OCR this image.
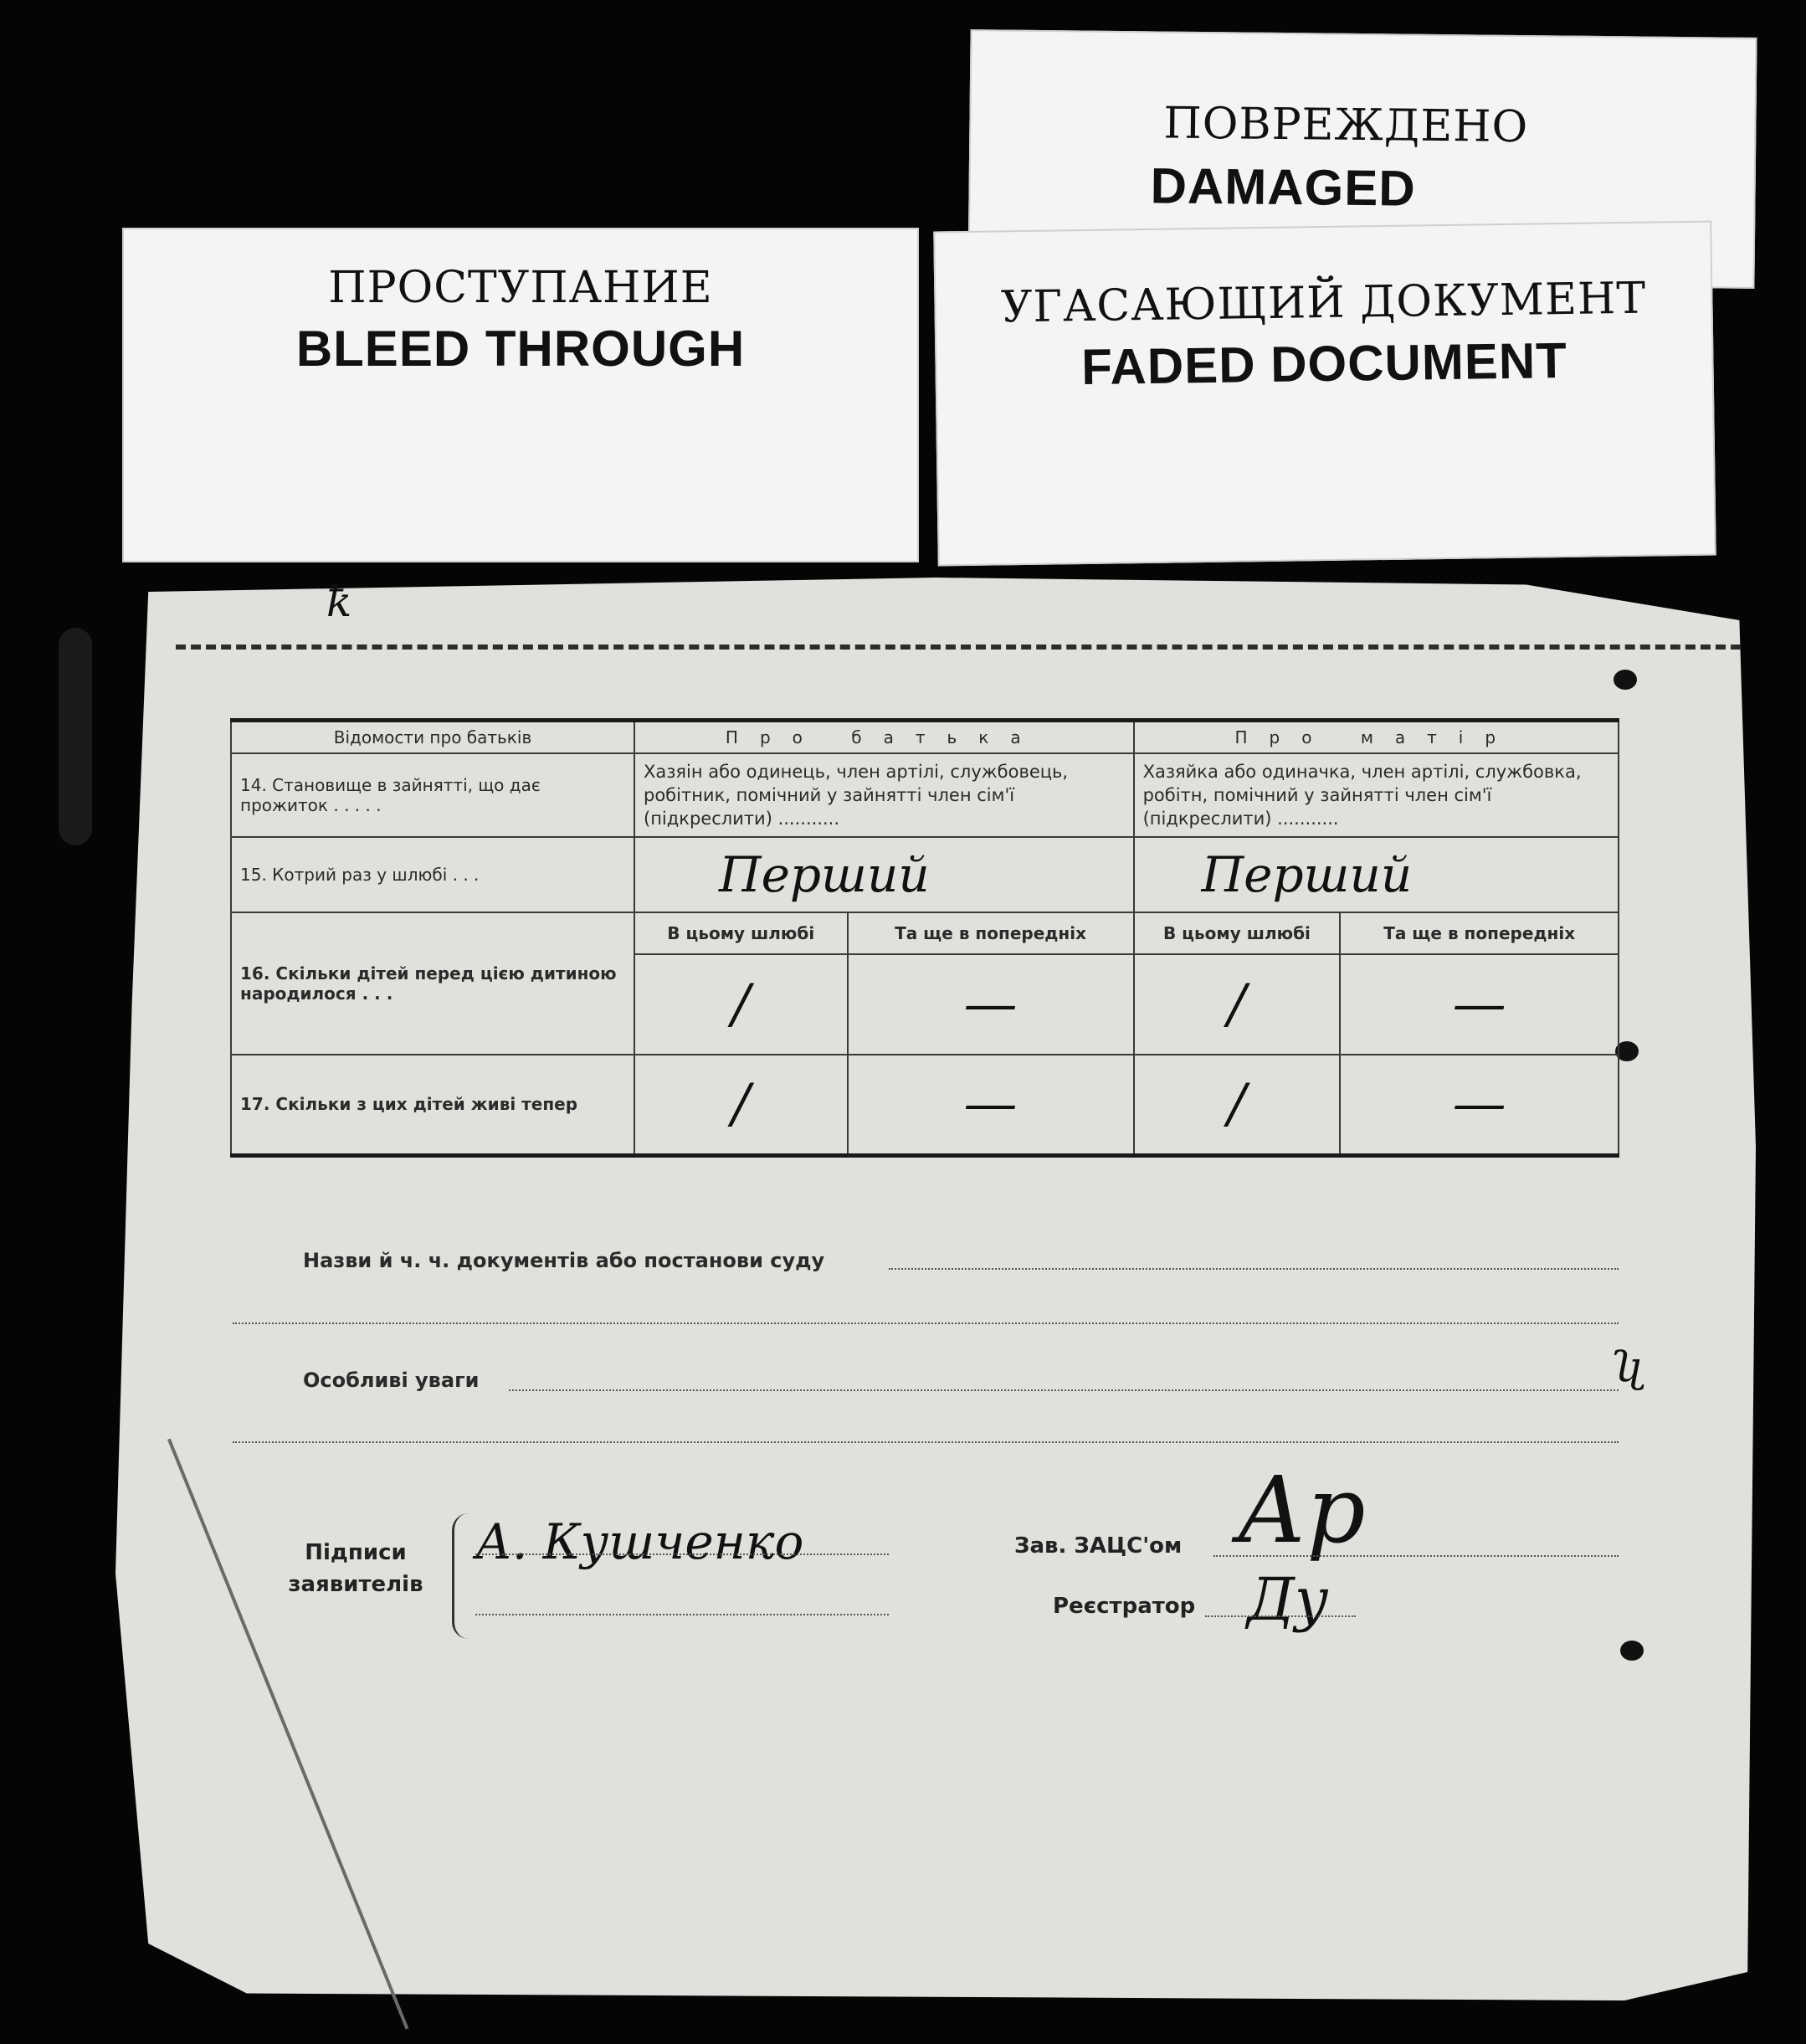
ПОВРЕЖДЕНО
DAMAGED
ПРОСТУПАНИЕ
BLEED THROUGH
УГАСАЮЩИЙ ДОКУМЕНТ
FADED DOCUMENT
ꝁ
Відомости про батьків	Про батька		Про матір	
14. Становище в зайнятті, що дає прожиток . . . . .	Хазяін або одинець, член артілі, службовець, робітник, помічний у зайнятті член сім'ї (підкреслити) ...........		Хазяйка або одиначка, член артілі, службовка, робітн, помічний у зайнятті член сім'ї (підкреслити) ...........	
15. Котрий раз у шлюбі . . .	Перший		Перший	
16. Скільки дітей перед цією дитиною народилося . . .	В цьому шлюбі	Та ще в попередніх	В цьому шлюбі	Та ще в попередніх
	/	—	/	—
17. Скільки з цих дітей живі тепер	/	—	/	—
Назви й ч. ч. документів або постанови суду
Особливі уваги	ʯ
Підписи
заявителів
А. Кушченко	Зав. ЗАЦС'ом Ар
Реєстратор Ду
